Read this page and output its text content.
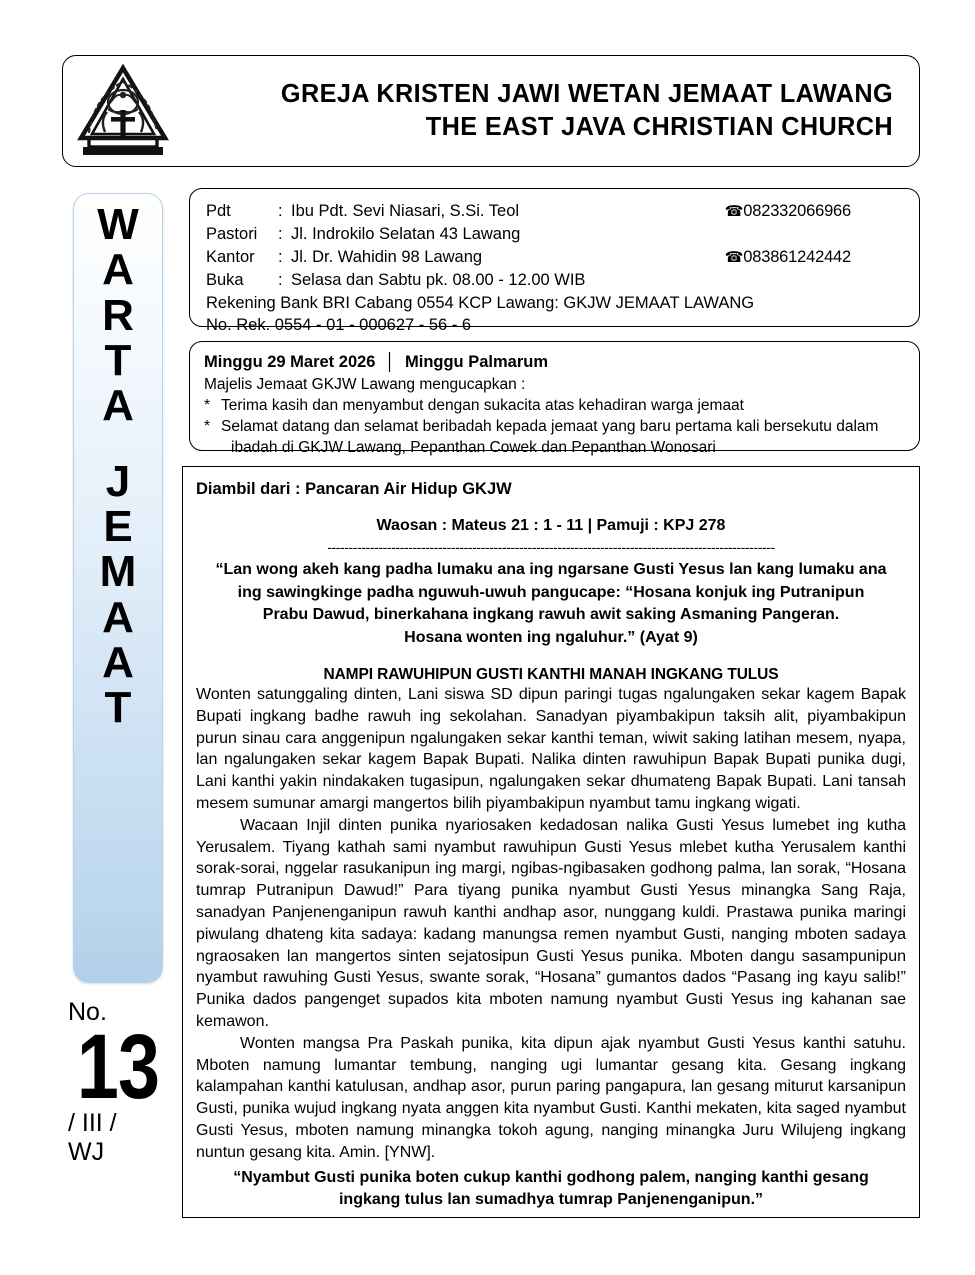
GREJA KRISTEN JAWI WETAN JEMAAT LAWANG
THE EAST JAVA CHRISTIAN CHURCH
W
A
R
T
A
J
E
M
A
A
T
No.
13
/ III /
WJ
Pdt	: Ibu Pdt. Sevi Niasari, S.Si. Teol	☎082332066966
Pastori	: Jl. Indrokilo Selatan 43 Lawang
Kantor	: Jl. Dr. Wahidin 98 Lawang	☎083861242442
Buka	: Selasa dan Sabtu pk. 08.00 - 12.00 WIB
Rekening Bank BRI Cabang 0554 KCP Lawang: GKJW JEMAAT LAWANG
No. Rek. 0554 - 01 - 000627 - 56 - 6
Minggu 29 Maret 2026 │ Minggu Palmarum
Majelis Jemaat GKJW Lawang mengucapkan :
* Terima kasih dan menyambut dengan sukacita atas kehadiran warga jemaat
* Selamat datang dan selamat beribadah kepada jemaat yang baru pertama kali bersekutu dalam
ibadah di GKJW Lawang, Pepanthan Cowek dan Pepanthan Wonosari
Diambil dari : Pancaran Air Hidup GKJW
Waosan : Mateus 21 : 1 - 11 | Pamuji : KPJ 278
---------------------------------------------------------------------------------------------------------
“Lan wong akeh kang padha lumaku ana ing ngarsane Gusti Yesus lan kang lumaku ana
ing sawingkinge padha nguwuh-uwuh pangucape: “Hosana konjuk ing Putranipun
Prabu Dawud, binerkahana ingkang rawuh awit saking Asmaning Pangeran.
Hosana wonten ing ngaluhur.” (Ayat 9)
NAMPI RAWUHIPUN GUSTI KANTHI MANAH INGKANG TULUS
Wonten satunggaling dinten, Lani siswa SD dipun paringi tugas ngalungaken sekar kagem Bapak Bupati ingkang badhe rawuh ing sekolahan. Sanadyan piyambakipun taksih alit, piyambakipun purun sinau cara anggenipun ngalungaken sekar kanthi teman, wiwit saking latihan mesem, nyapa, lan ngalungaken sekar kagem Bapak Bupati. Nalika dinten rawuhipun Bapak Bupati punika dugi, Lani kanthi yakin nindakaken tugasipun, ngalungaken sekar dhumateng Bapak Bupati. Lani tansah mesem sumunar amargi mangertos bilih piyambakipun nyambut tamu ingkang wigati.
Wacaan Injil dinten punika nyariosaken kedadosan nalika Gusti Yesus lumebet ing kutha Yerusalem. Tiyang kathah sami nyambut rawuhipun Gusti Yesus mlebet kutha Yerusalem kanthi sorak-sorai, nggelar rasukanipun ing margi, ngibas-ngibasaken godhong palma, lan sorak, “Hosana tumrap Putranipun Dawud!” Para tiyang punika nyambut Gusti Yesus minangka Sang Raja, sanadyan Panjenenganipun rawuh kanthi andhap asor, nunggang kuldi. Prastawa punika maringi piwulang dhateng kita sadaya: kadang manungsa remen nyambut Gusti, nanging mboten sadaya ngraosaken lan mangertos sinten sejatosipun Gusti Yesus punika. Mboten dangu sasampunipun nyambut rawuhing Gusti Yesus, swante sorak, “Hosana” gumantos dados “Pasang ing kayu salib!” Punika dados pangenget supados kita mboten namung nyambut Gusti Yesus ing kahanan sae kemawon.
Wonten mangsa Pra Paskah punika, kita dipun ajak nyambut Gusti Yesus kanthi satuhu. Mboten namung lumantar tembung, nanging ugi lumantar gesang kita. Gesang ingkang kalampahan kanthi katulusan, andhap asor, purun paring pangapura, lan gesang miturut karsanipun Gusti, punika wujud ingkang nyata anggen kita nyambut Gusti. Kanthi mekaten, kita saged nyambut Gusti Yesus, mboten namung minangka tokoh agung, nanging minangka Juru Wilujeng ingkang nuntun gesang kita. Amin. [YNW].
“Nyambut Gusti punika boten cukup kanthi godhong palem, nanging kanthi gesang ingkang tulus lan sumadhya tumrap Panjenenganipun.”
